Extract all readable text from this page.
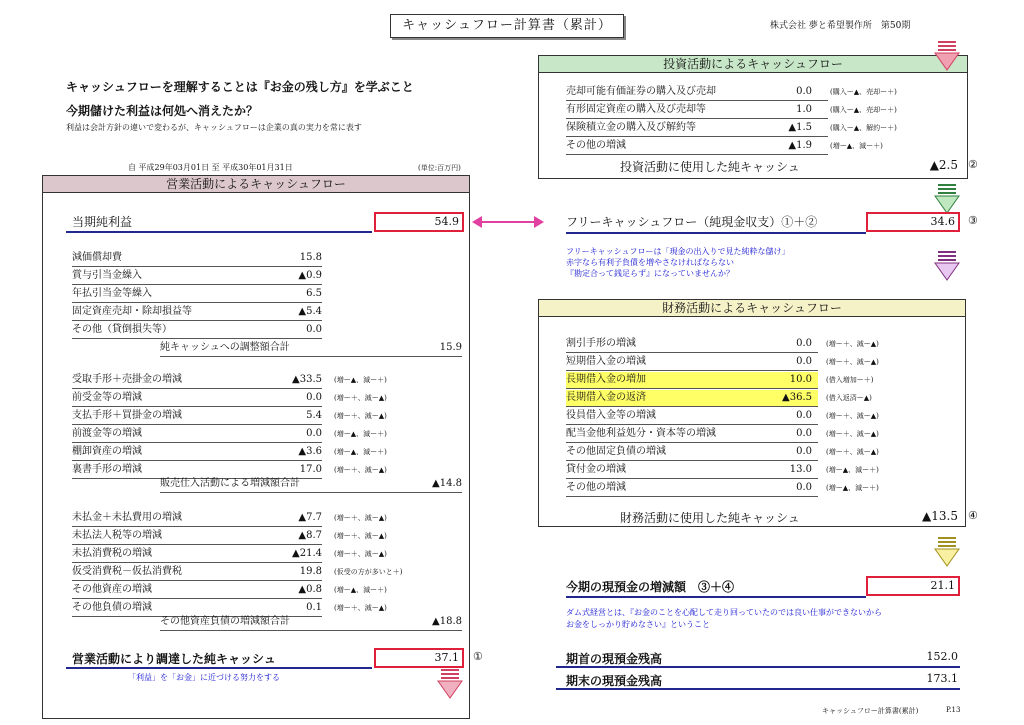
キャッシュフロー計算書（累計）	株式会社 夢と希望製作所　第50期
キャッシュフローを理解することは『お金の残し方』を学ぶこと
今期儲けた利益は何処へ消えたか？
利益は会計方針の違いで変わるが、キャッシュフローは企業の真の実力を常に表す
自 平成29年03月01日 至 平成30年01月31日	(単位:百万円)
営業活動によるキャッシュフロー
投資活動によるキャッシュフロー
財務活動によるキャッシュフロー
フリーキャッシュフロー（純現金収支）①＋②	34.6	③
フリーキャッシュフローは「現金の出入りで見た純粋な儲け」
赤字なら有利子負債を増やさなければならない
『勘定合って銭足らず』になっていませんか？
今期の現預金の増減額　③＋④	21.1
ダム式経営とは、『お金のことを心配して走り回っていたのでは良い仕事ができないから
お金をしっかり貯めなさい』ということ
期首の現預金残高	152.0
期末の現預金残高	173.1
キャッシュフロー計算書(累計)	P.13
当期純利益	54.9
減価償却費	15.8
賞与引当金繰入	▲0.9
年払引当金等繰入	6.5
固定資産売却・除却損益等	▲5.4
その他（貸倒損失等）	0.0
純キャッシュへの調整額合計	15.9
受取手形＋売掛金の増減	▲33.5 (増ー▲、減ー＋)
前受金等の増減	0.0 (増ー＋、減ー▲)
支払手形＋買掛金の増減	5.4 (増ー＋、減ー▲)
前渡金等の増減	0.0 (増ー▲、減ー＋)
棚卸資産の増減	▲3.6 (増ー▲、減ー＋)
裏書手形の増減	17.0 (増ー＋、減ー▲)
販売仕入活動による増減額合計	▲14.8
未払金＋未払費用の増減	▲7.7 (増ー＋、減ー▲)
未払法人税等の増減	▲8.7 (増ー＋、減ー▲)
未払消費税の増減	▲21.4 (増ー＋、減ー▲)
仮受消費税－仮払消費税	19.8 (仮受の方が多いと＋)
その他資産の増減	▲0.8 (増ー▲、減ー＋)
その他負債の増減	0.1 (増ー＋、減ー▲)
その他資産負債の増減額合計	▲18.8
営業活動により調達した純キャッシュ	37.1	①
「利益」を「お金」に近づける努力をする
売却可能有価証券の購入及び売却	0.0	(購入ー▲、売却ー＋)
有形固定資産の購入及び売却等	1.0	(購入ー▲、売却ー＋)
保険積立金の購入及び解約等	▲1.5	(購入ー▲、解約ー＋)
その他の増減	▲1.9	(増ー▲、減ー＋)
投資活動に使用した純キャッシュ	▲2.5 ②
割引手形の増減	0.0 (増ー＋、減ー▲)
短期借入金の増減	0.0 (増ー＋、減ー▲)
長期借入金の増加	10.0 (借入増加ー＋)
長期借入金の返済	▲36.5 (借入返済ー▲)
役員借入金等の増減	0.0 (増ー＋、減ー▲)
配当金他利益処分・資本等の増減	0.0 (増ー＋、減ー▲)
その他固定負債の増減	0.0 (増ー＋、減ー▲)
貸付金の増減	13.0 (増ー▲、減ー＋)
その他の増減	0.0 (増ー▲、減ー＋)
財務活動に使用した純キャッシュ	▲13.5 ④
